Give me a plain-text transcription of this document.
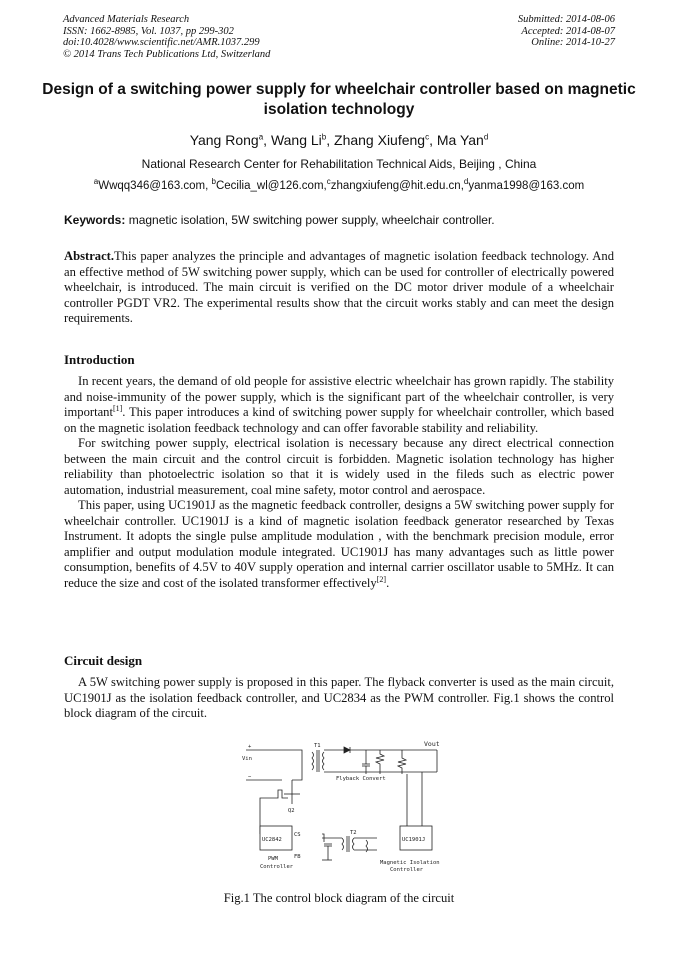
Advanced Materials Research
ISSN: 1662-8985, Vol. 1037, pp 299-302
doi:10.4028/www.scientific.net/AMR.1037.299
© 2014 Trans Tech Publications Ltd, Switzerland
Submitted: 2014-08-06
Accepted: 2014-08-07
Online: 2014-10-27
Design of a switching power supply for wheelchair controller based on magnetic isolation technology
Yang Rong$^a$, Wang Li$^b$, Zhang Xiufeng$^c$, Ma Yan$^d$
National Research Center for Rehabilitation Technical Aids, Beijing , China
$^a$Wwqq346@163.com, $^b$Cecilia_wl@126.com,$^c$zhangxiufeng@hit.edu.cn,$^d$yanma1998@163.com
Keywords: magnetic isolation, 5W switching power supply, wheelchair controller.

Abstract.This paper analyzes the principle and advantages of magnetic isolation feedback technology. And an effective method of 5W switching power supply, which can be used for controller of electrically powered wheelchair, is introduced. The main circuit is verified on the DC motor driver module of a wheelchair controller PGDT VR2. The experimental results show that the circuit works stably and can meet the design requirements.

Introduction

In recent years, the demand of old people for assistive electric wheelchair has grown rapidly. The stability and noise-immunity of the power supply, which is the significant part of the wheelchair controller, is very important[1]. This paper introduces a kind of switching power supply for wheelchair controller, which based on the magnetic isolation feedback technology and can offer favorable stability and reliability.

For switching power supply, electrical isolation is necessary because any direct electrical connection between the main circuit and the control circuit is forbidden. Magnetic isolation technology has higher reliability than photoelectric isolation so that it is widely used in the fileds such as electric power automation, industrial measurement, coal mine safety, motor control and aerospace.

This paper, using UC1901J as the magnetic feedback controller, designs a 5W switching power supply for wheelchair controller. UC1901J is a kind of magnetic isolation feedback generator researched by Texas Instrument. It adopts the single pulse amplitude modulation , with the benchmark precision module, error amplifier and output modulation module integrated. UC1901J has many advantages such as little power consumption, benefits of 4.5V to 40V supply operation and internal carrier oscillator usable to 5MHz. It can reduce the size and cost of the isolated transformer effectively[2].

Circuit design

A 5W switching power supply is proposed in this paper. The flyback converter is used as the main circuit, UC1901J as the isolation feedback controller, and UC2834 as the PWM controller. Fig.1 shows the control block diagram of the circuit.

Vin
+
−
T1	Vout
Flyback Convert
Q2
UC2842	UC1901J
CS
FB
T2
PWM
Controller
Magnetic Isolation
Controller
Fig.1 The control block diagram of the circuit
